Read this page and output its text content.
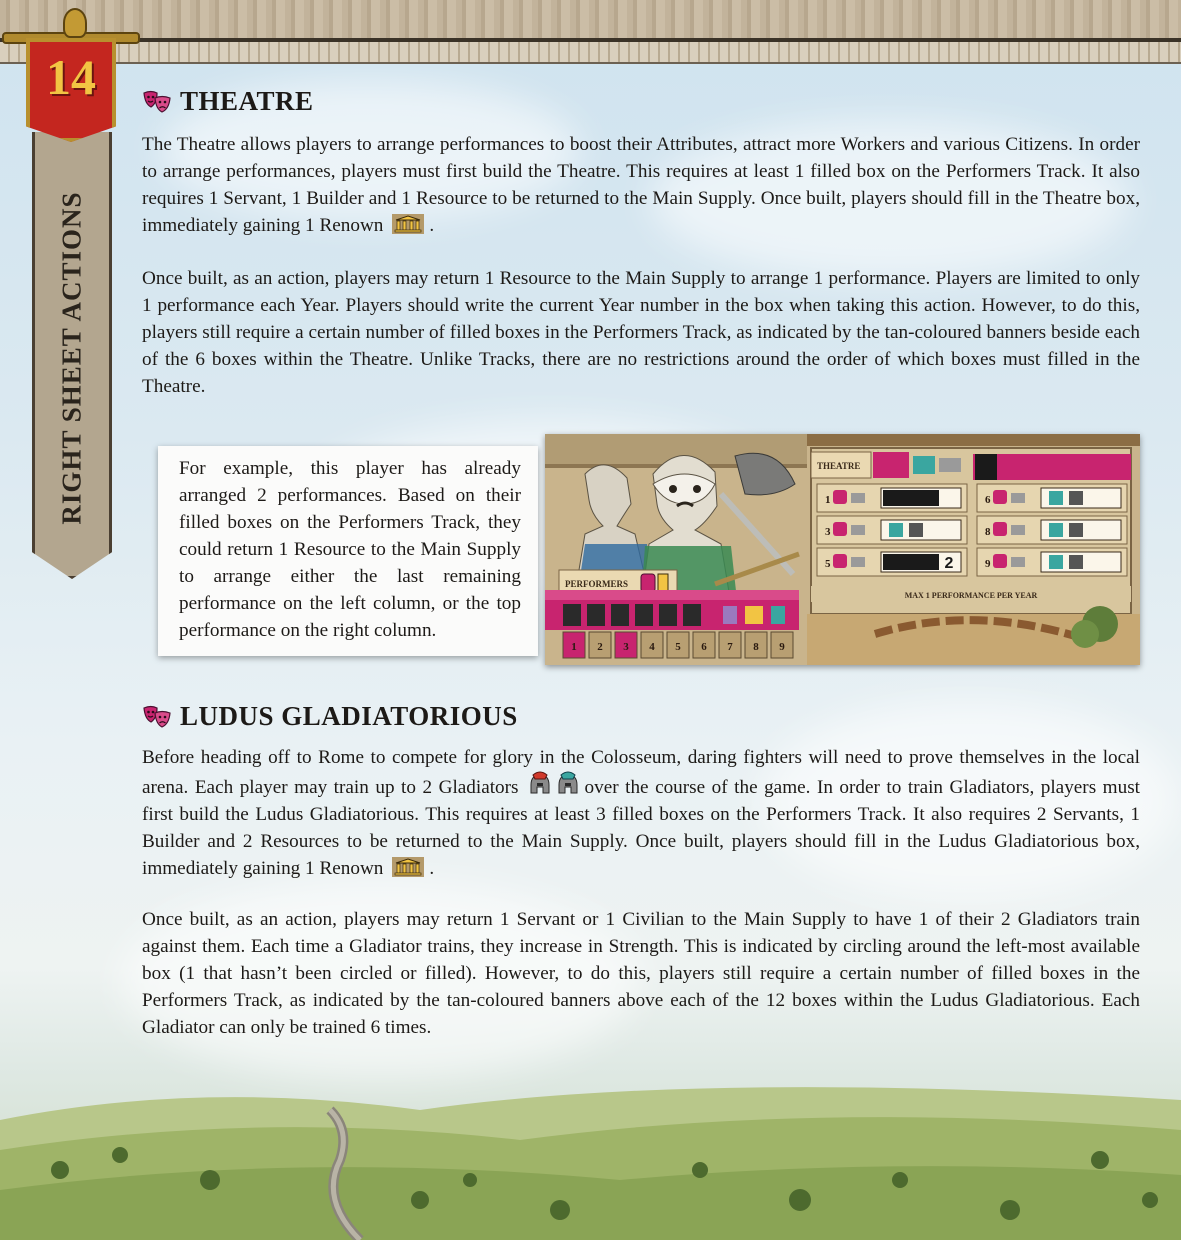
14
RIGHT SHEET ACTIONS
THEATRE

The Theatre allows players to arrange performances to boost their Attributes, attract more Workers and various Citizens. In order to arrange performances, players must first build the Theatre. This requires at least 1 filled box on the Performers Track. It also requires 1 Servant, 1 Builder and 1 Resource to be returned to the Main Supply. Once built, players should fill in the Theatre box, immediately gaining 1 Renown .

Once built, as an action, players may return 1 Resource to the Main Supply to arrange 1 performance. Players are limited to only 1 performance each Year. Players should write the current Year number in the box when taking this action. However, to do this, players still require a certain number of filled boxes in the Performers Track, as indicated by the tan-coloured banners beside each of the 6 boxes within the Theatre. Unlike Tracks, there are no restrictions around the order of which boxes must filled in the Theatre.

For example, this player has already arranged 2 performances. Based on their filled boxes on the Performers Track, they could return 1 Resource to the Main Supply to arrange either the last remaining performance on the left column, or the top performance on the right column.

PERFORMERS
1 2 3 4 5 6 7 8 9
THEATRE
1
3
5	2
6
8
9
MAX 1 PERFORMANCE PER YEAR
LUDUS GLADIATORIOUS

Before heading off to Rome to compete for glory in the Colosseum, daring fighters will need to prove themselves in the local arena. Each player may train up to 2 Gladiators	over the course of the game. In order to train Gladiators, players must first build the Ludus Gladiatorious. This requires at least 3 filled boxes on the Performers Track. It also requires 2 Servants, 1 Builder and 2 Resources to be returned to the Main Supply. Once built, players should fill in the Ludus Gladiatorious box, immediately gaining 1 Renown .

Once built, as an action, players may return 1 Servant or 1 Civilian to the Main Supply to have 1 of their 2 Gladiators train against them. Each time a Gladiator trains, they increase in Strength. This is indicated by circling around the left-most available box (1 that hasn’t been circled or filled). However, to do this, players still require a certain number of filled boxes in the Performers Track, as indicated by the tan-coloured banners above each of the 12 boxes within the Ludus Gladiatorious. Each Gladiator can only be trained 6 times.
